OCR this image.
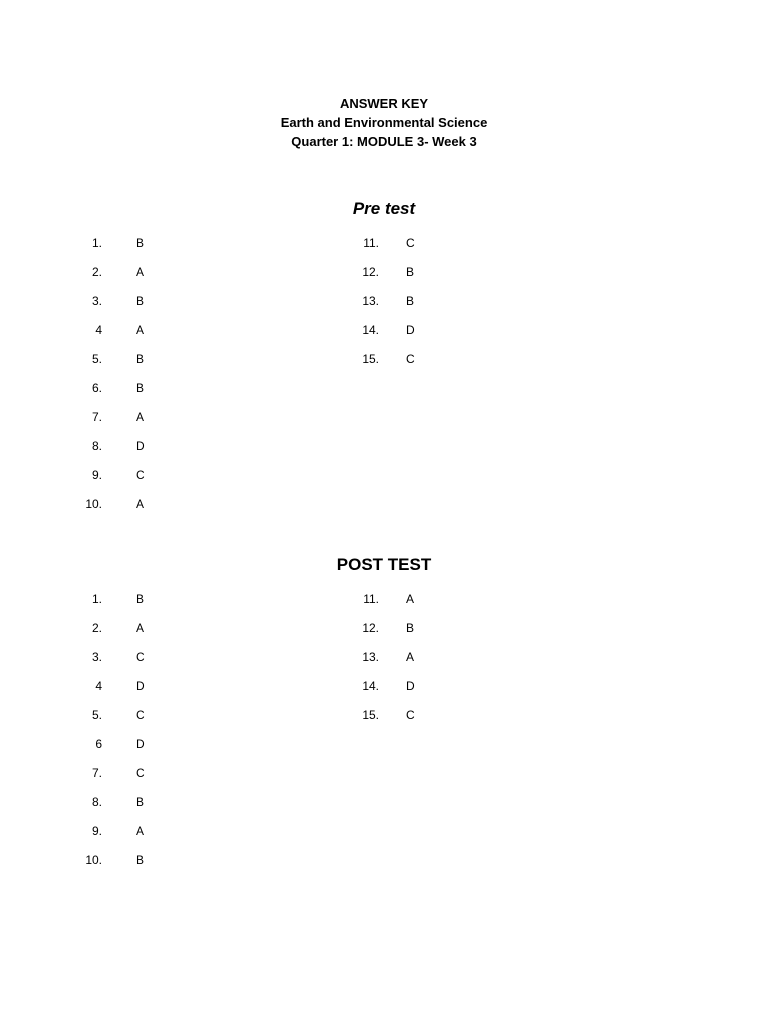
ANSWER KEY
Earth and Environmental Science
Quarter 1: MODULE 3- Week 3
Pre test
1.	B
2.	A
3.	B
4	A
5.	B
6.	B
7.	A
8.	D
9.	C
10.	A
11. C
12. B
13. B
14. D
15. C
POST TEST
1.	B
2.	A
3.	C
4	D
5.	C
6	D
7.	C
8.	B
9.	A
10.	B
11. A
12. B
13. A
14. D
15. C
